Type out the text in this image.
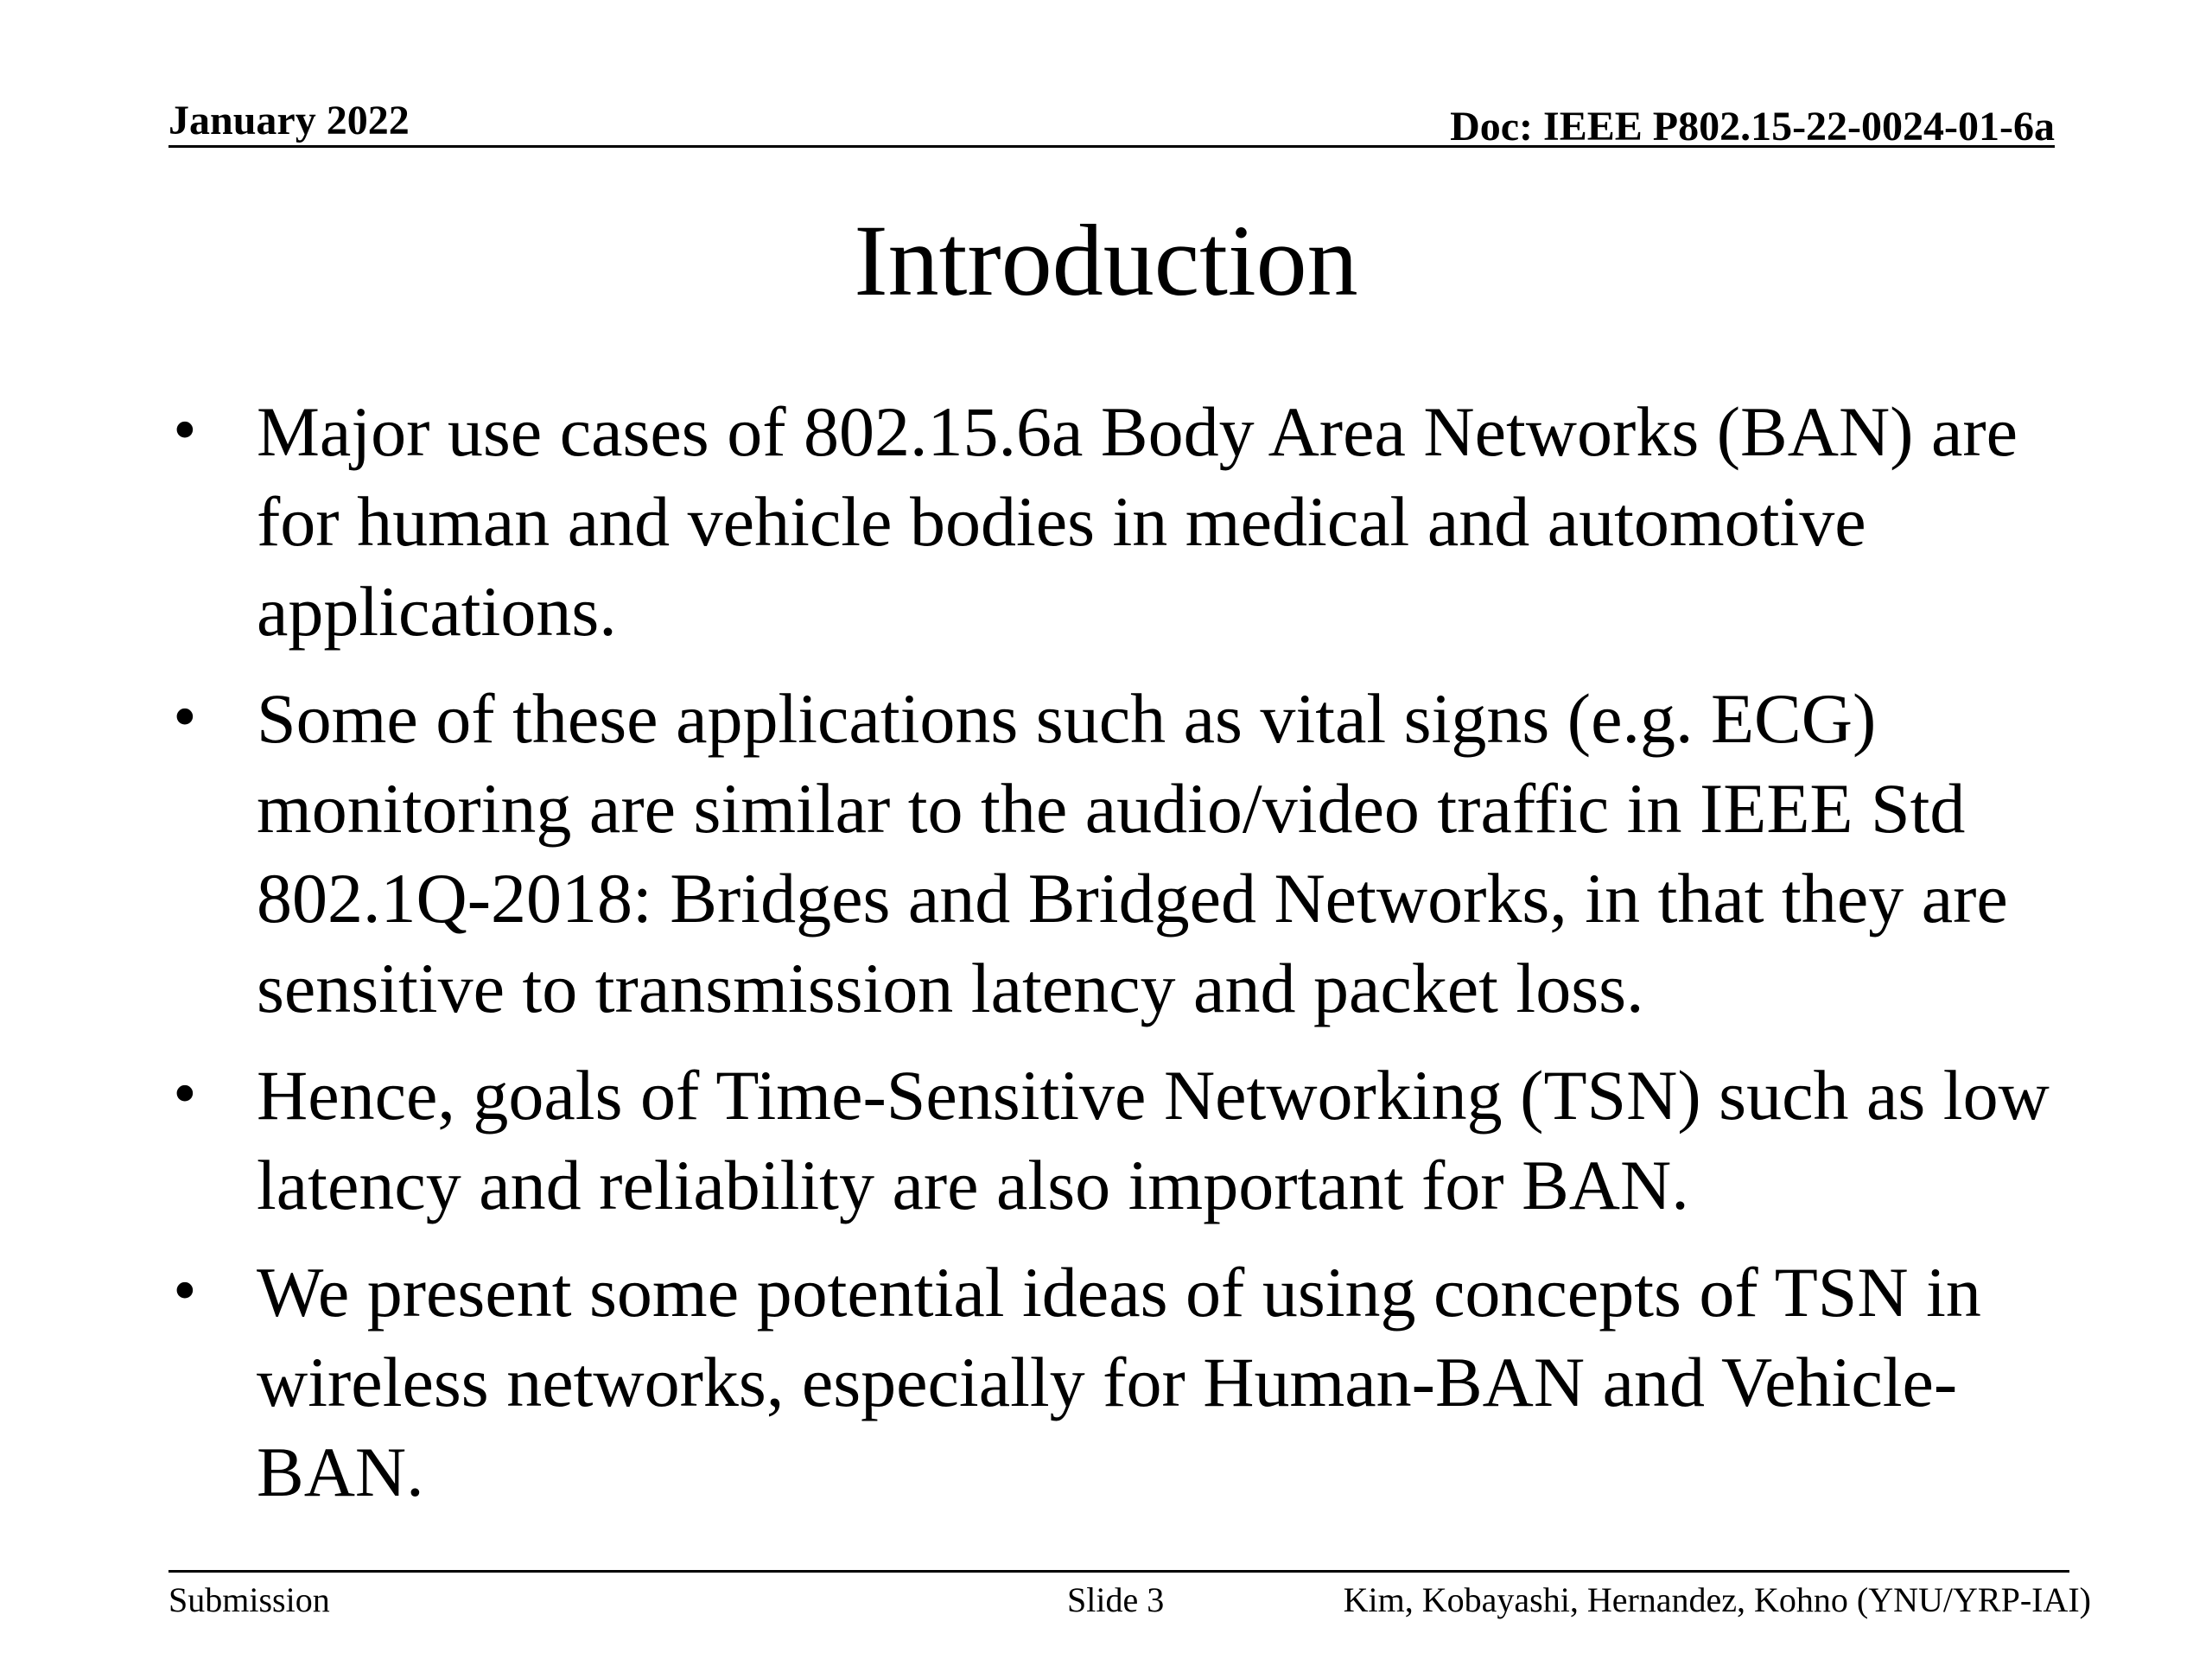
January 2022	Doc: IEEE P802.15-22-0024-01-6a
Introduction
• Major use cases of 802.15.6a Body Area Networks (BAN) are for human and vehicle bodies in medical and automotive applications.
• Some of these applications such as vital signs (e.g. ECG) monitoring are similar to the audio/video traffic in IEEE Std 802.1Q-2018: Bridges and Bridged Networks, in that they are sensitive to transmission latency and packet loss.
• Hence, goals of Time-Sensitive Networking (TSN) such as low latency and reliability are also important for BAN.
• We present some potential ideas of using concepts of TSN in wireless networks, especially for Human-BAN and Vehicle-BAN.
Submission	Slide 3	Kim, Kobayashi, Hernandez, Kohno (YNU/YRP-IAI)
